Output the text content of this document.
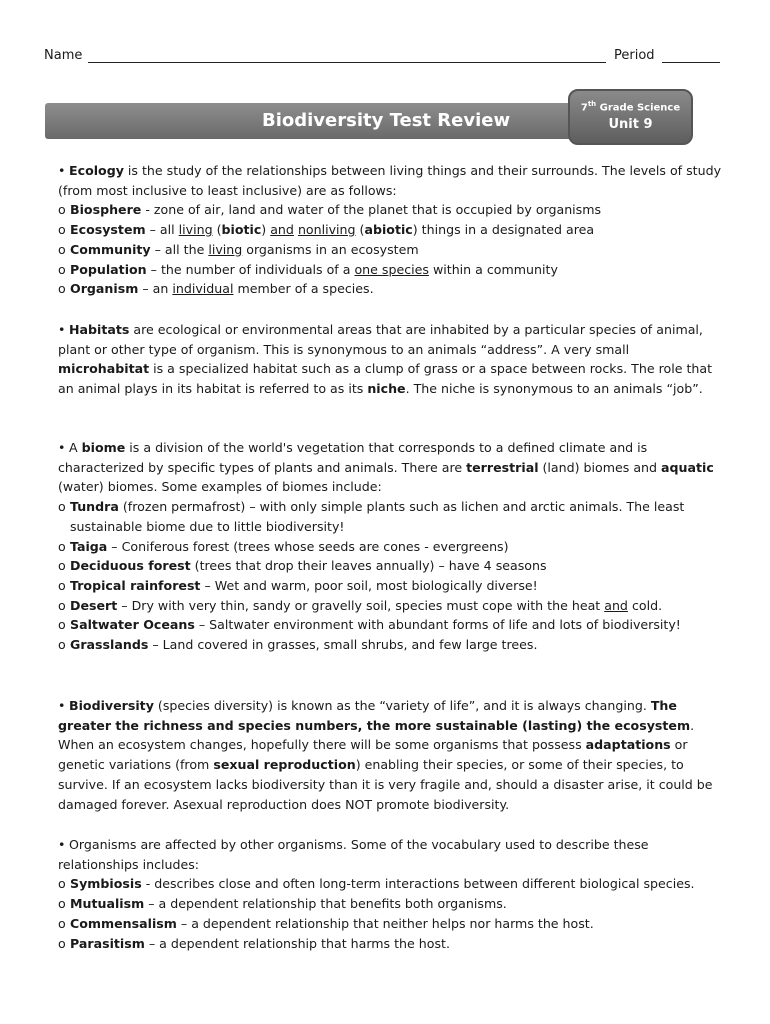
Name	Period
Biodiversity Test Review
7th Grade Science
Unit 9

• Ecology is the study of the relationships between living things and their surrounds. The levels of study (from most inclusive to least inclusive) are as follows:

o Biosphere - zone of air, land and water of the planet that is occupied by organisms

o Ecosystem – all living (biotic) and nonliving (abiotic) things in a designated area

o Community – all the living organisms in an ecosystem

o Population – the number of individuals of a one species within a community

o Organism – an individual member of a species.

• Habitats are ecological or environmental areas that are inhabited by a particular species of animal, plant or other type of organism. This is synonymous to an animals “address”. A very small microhabitat is a specialized habitat such as a clump of grass or a space between rocks. The role that an animal plays in its habitat is referred to as its niche. The niche is synonymous to an animals “job”.

• A biome is a division of the world's vegetation that corresponds to a defined climate and is characterized by specific types of plants and animals. There are terrestrial (land) biomes and aquatic (water) biomes. Some examples of biomes include:

o Tundra (frozen permafrost) – with only simple plants such as lichen and arctic animals. The least sustainable biome due to little biodiversity!

o Taiga – Coniferous forest (trees whose seeds are cones - evergreens)

o Deciduous forest (trees that drop their leaves annually) – have 4 seasons

o Tropical rainforest – Wet and warm, poor soil, most biologically diverse!

o Desert – Dry with very thin, sandy or gravelly soil, species must cope with the heat and cold.

o Saltwater Oceans – Saltwater environment with abundant forms of life and lots of biodiversity!

o Grasslands – Land covered in grasses, small shrubs, and few large trees.

• Biodiversity (species diversity) is known as the “variety of life”, and it is always changing. The greater the richness and species numbers, the more sustainable (lasting) the ecosystem. When an ecosystem changes, hopefully there will be some organisms that possess adaptations or genetic variations (from sexual reproduction) enabling their species, or some of their species, to survive. If an ecosystem lacks biodiversity than it is very fragile and, should a disaster arise, it could be damaged forever. Asexual reproduction does NOT promote biodiversity.

• Organisms are affected by other organisms. Some of the vocabulary used to describe these relationships includes:

o Symbiosis - describes close and often long-term interactions between different biological species.

o Mutualism – a dependent relationship that benefits both organisms.

o Commensalism – a dependent relationship that neither helps nor harms the host.

o Parasitism – a dependent relationship that harms the host.
